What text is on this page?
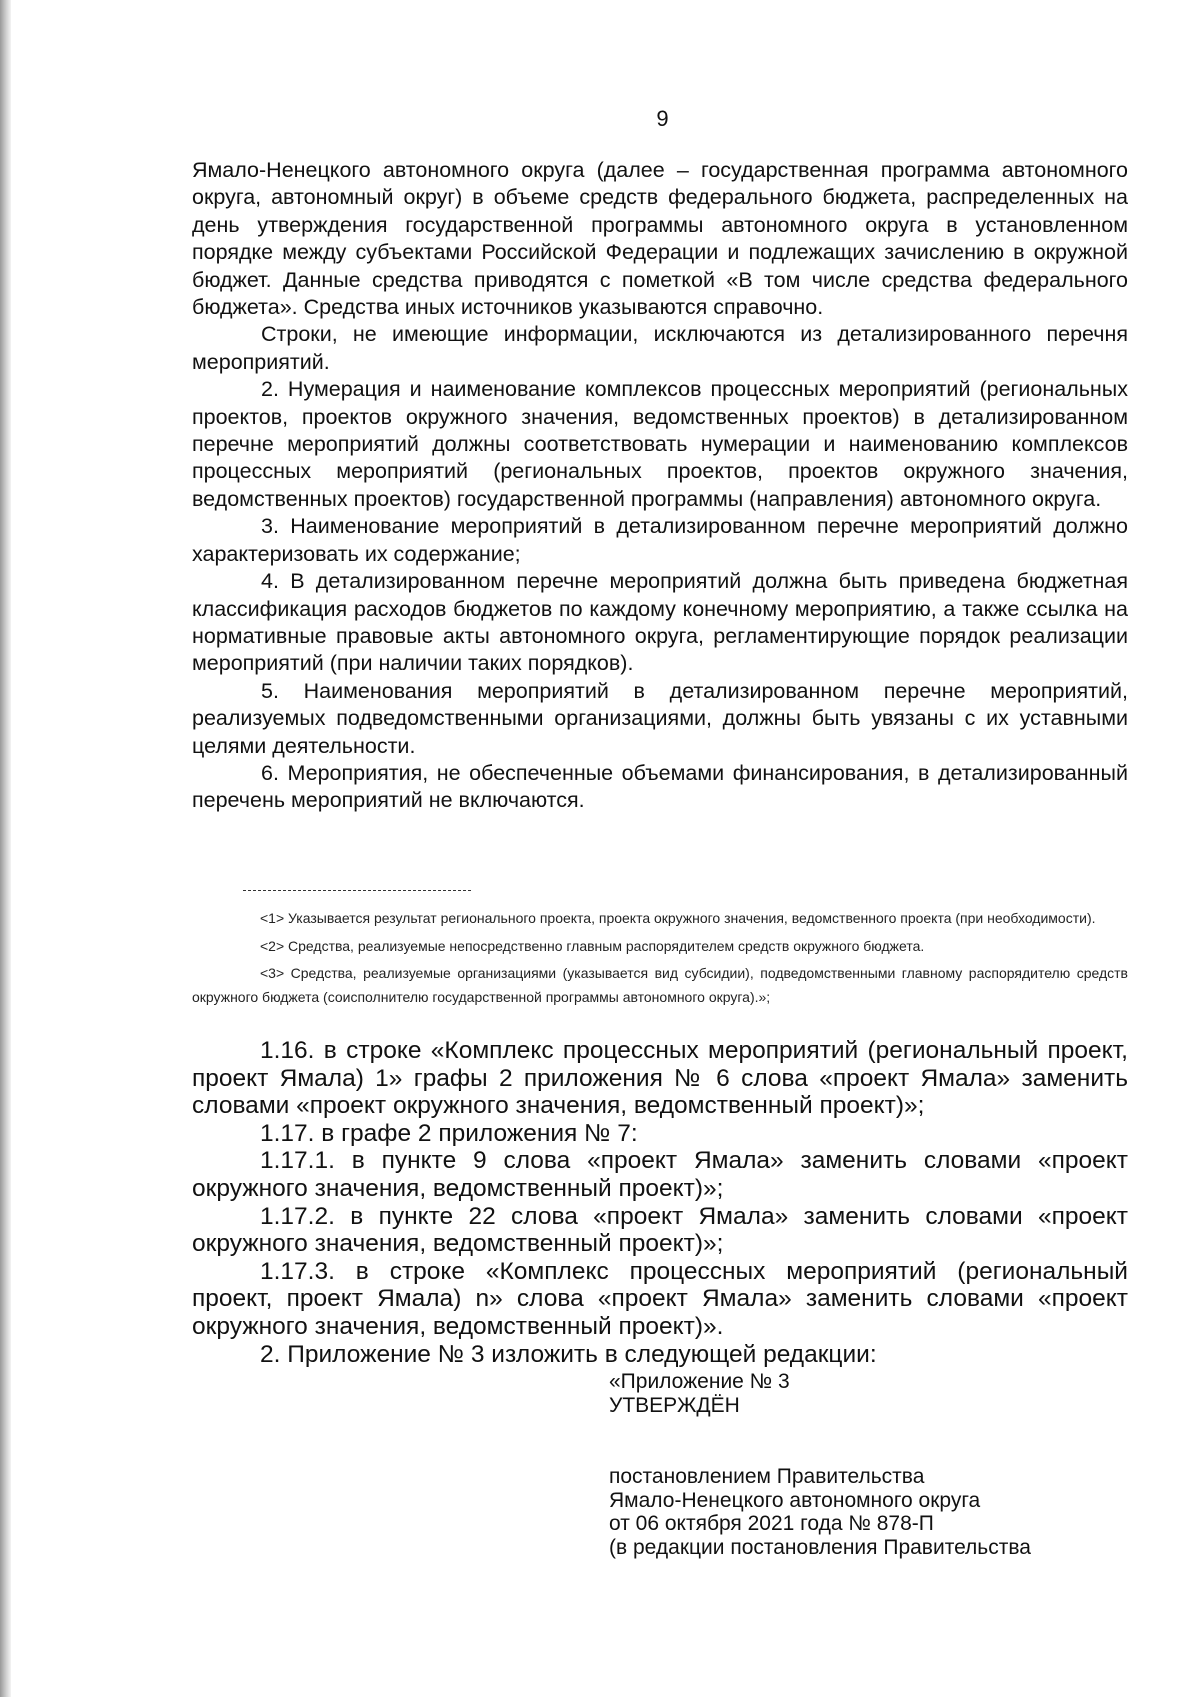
9

Ямало-Ненецкого автономного округа (далее – государственная программа автономного округа, автономный округ) в объеме средств федерального бюджета, распределенных на день утверждения государственной программы автономного округа в установленном порядке между субъектами Российской Федерации и подлежащих зачислению в окружной бюджет. Данные средства приводятся с пометкой «В том числе средства федерального бюджета». Средства иных источников указываются справочно.

Строки, не имеющие информации, исключаются из детализированного перечня мероприятий.

2. Нумерация и наименование комплексов процессных мероприятий (региональных проектов, проектов окружного значения, ведомственных проектов) в детализированном перечне мероприятий должны соответствовать нумерации и наименованию комплексов процессных мероприятий (региональных проектов, проектов окружного значения, ведомственных проектов) государственной программы (направления) автономного округа.

3. Наименование мероприятий в детализированном перечне мероприятий должно характеризовать их содержание;

4. В детализированном перечне мероприятий должна быть приведена бюджетная классификация расходов бюджетов по каждому конечному мероприятию, а также ссылка на нормативные правовые акты автономного округа, регламентирующие порядок реализации мероприятий (при наличии таких порядков).

5. Наименования мероприятий в детализированном перечне мероприятий, реализуемых подведомственными организациями, должны быть увязаны с их уставными целями деятельности.

6. Мероприятия, не обеспеченные объемами финансирования, в детализированный перечень мероприятий не включаются.

<1> Указывается результат регионального проекта, проекта окружного значения, ведомственного проекта (при необходимости).

<2> Средства, реализуемые непосредственно главным распорядителем средств окружного бюджета.

<3> Средства, реализуемые организациями (указывается вид субсидии), подведомственными главному распорядителю средств окружного бюджета (соисполнителю государственной программы автономного округа).»;

1.16. в строке «Комплекс процессных мероприятий (региональный проект, проект Ямала) 1» графы 2 приложения № 6 слова «проект Ямала» заменить словами «проект окружного значения, ведомственный проект)»;

1.17. в графе 2 приложения № 7:

1.17.1. в пункте 9 слова «проект Ямала» заменить словами «проект окружного значения, ведомственный проект)»;

1.17.2. в пункте 22 слова «проект Ямала» заменить словами «проект окружного значения, ведомственный проект)»;

1.17.3. в строке «Комплекс процессных мероприятий (региональный проект, проект Ямала) n» слова «проект Ямала» заменить словами «проект окружного значения, ведомственный проект)».

2. Приложение № 3 изложить в следующей редакции:

«Приложение № 3
УТВЕРЖДЁН
постановлением Правительства
Ямало-Ненецкого автономного округа
от 06 октября 2021 года № 878-П
(в редакции постановления Правительства
